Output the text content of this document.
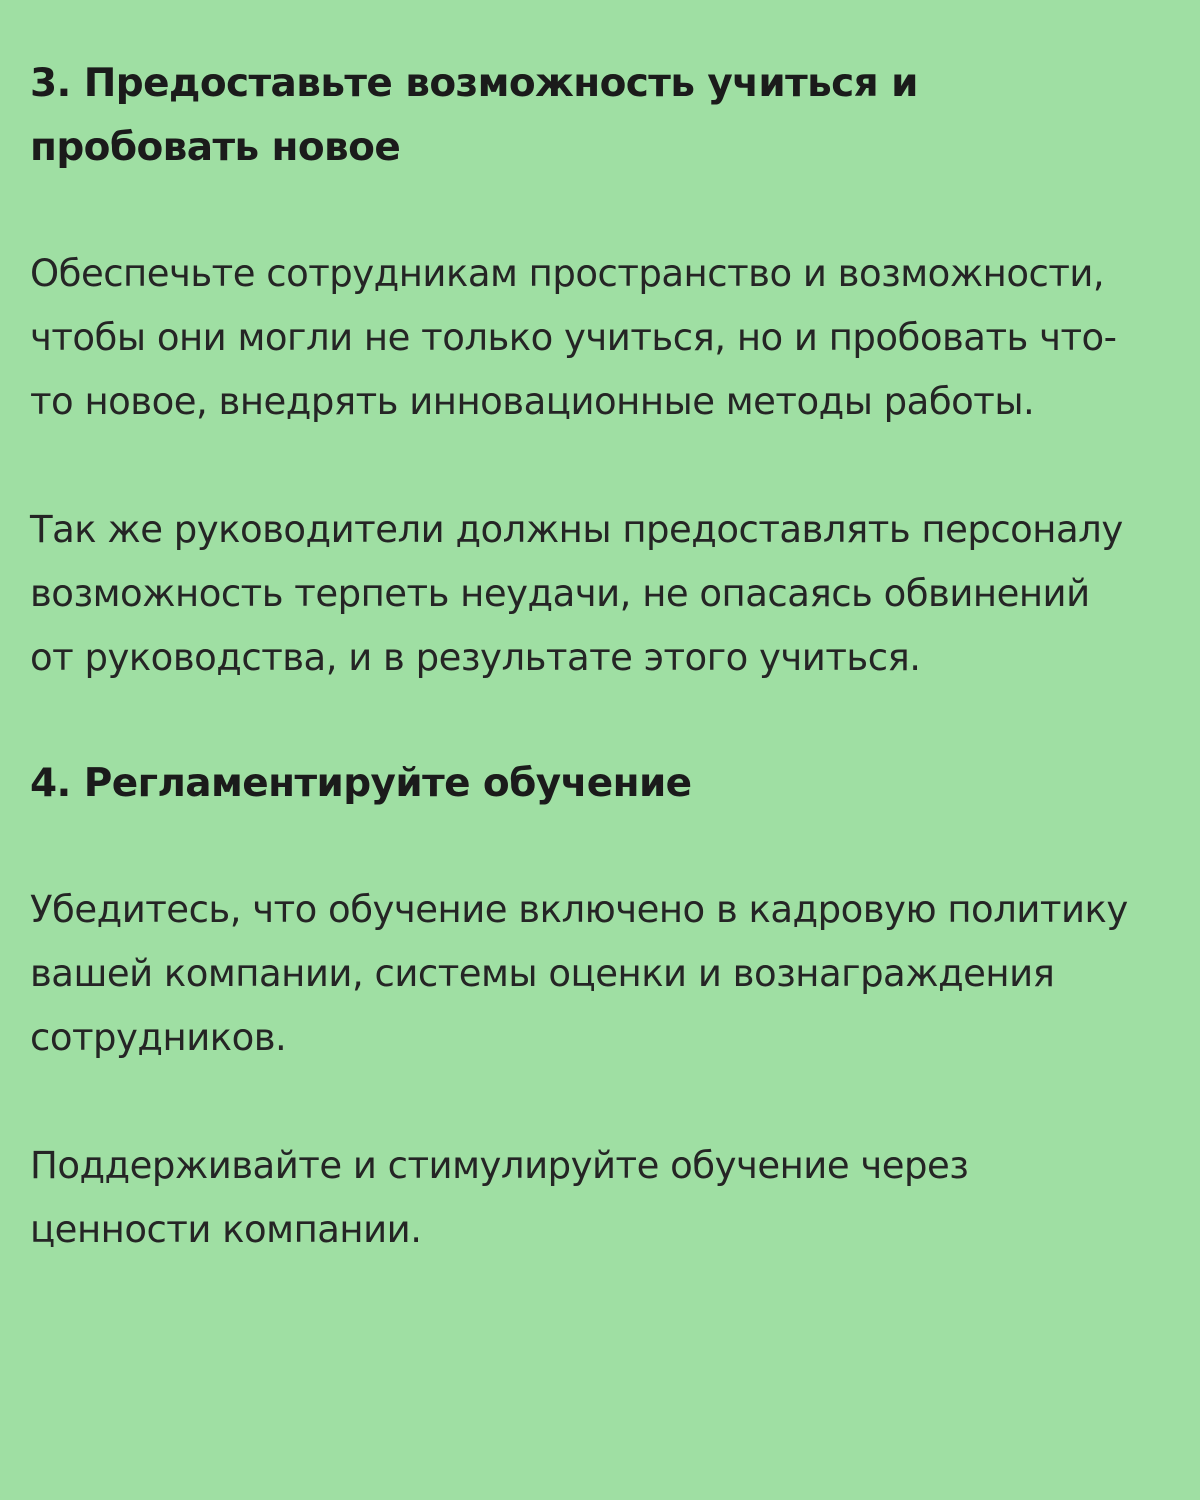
3. Предоставьте возможность учиться и пробовать новое

Обеспечьте сотрудникам пространство и возможности, чтобы они могли не только учиться, но и пробовать что-то новое, внедрять инновационные методы работы.

Так же руководители должны предоставлять персоналу возможность терпеть неудачи, не опасаясь обвинений от руководства, и в результате этого учиться.

4. Регламентируйте обучение

Убедитесь, что обучение включено в кадровую политику вашей компании, системы оценки и вознаграждения сотрудников.

Поддерживайте и стимулируйте обучение через ценности компании.
